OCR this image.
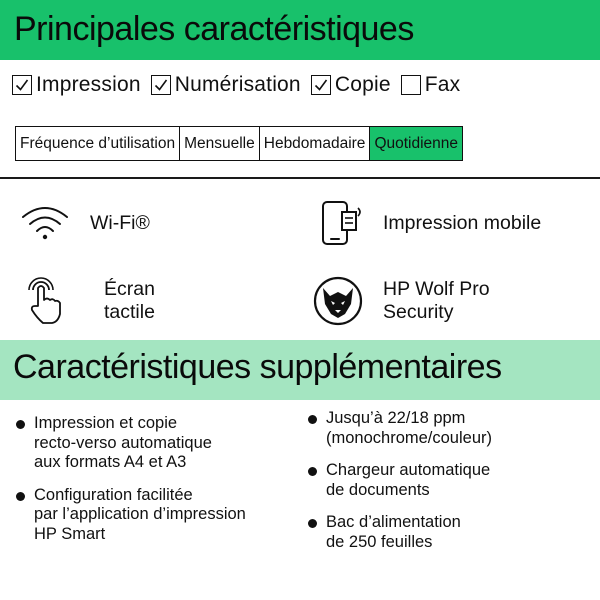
Principales caractéristiques
Impression Numérisation Copie Fax
Fréquence d’utilisation Mensuelle Hebdomadaire Quotidienne
Wi-Fi®	Impression mobile
Écran
tactile
HP Wolf Pro
Security
Caractéristiques supplémentaires
Impression et copie
recto-verso automatique
aux formats A4 et A3
Configuration facilitée
par l’application d’impression
HP Smart
Jusqu’à 22/18 ppm
(monochrome/couleur)
Chargeur automatique
de documents
Bac d’alimentation
de 250 feuilles
